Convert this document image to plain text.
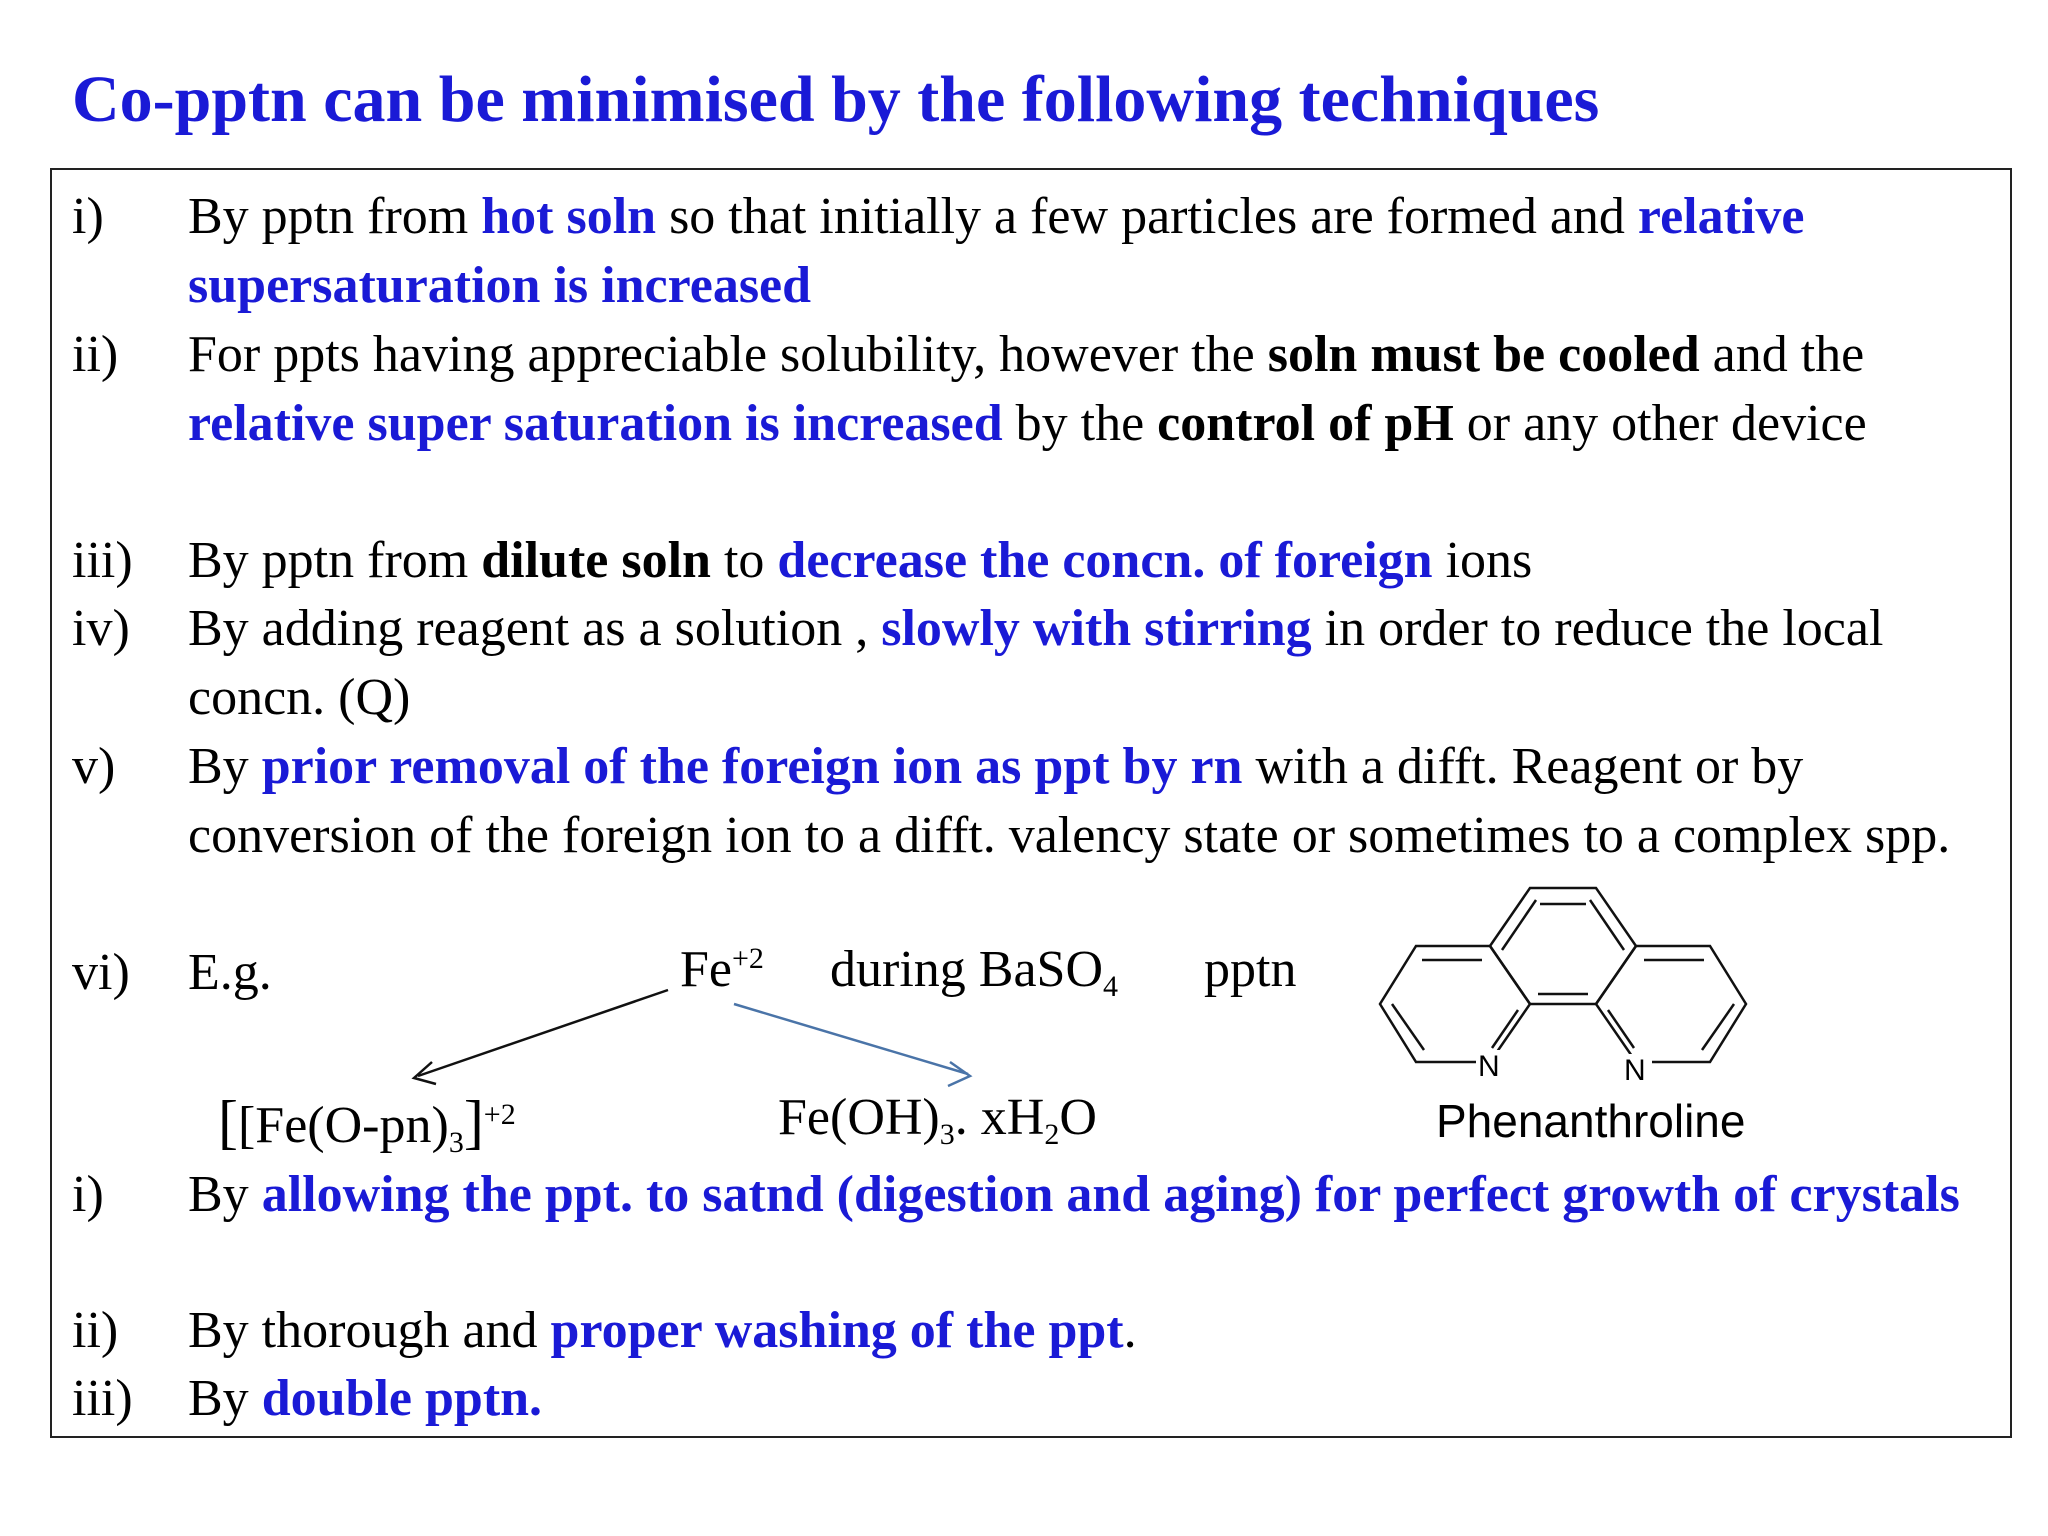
Co-pptn can be minimised by the following techniques
i) By pptn from hot soln so that initially a few particles are formed and relative supersaturation is increased
ii) For ppts having appreciable solubility, however the soln must be cooled and the relative super saturation is increased by the control of pH or any other device
iii) By pptn from dilute soln to decrease the concn. of foreign ions
iv) By adding reagent as a solution , slowly with stirring in order to reduce the local concn. (Q)
v) By prior removal of the foreign ion as ppt by rn with a difft. Reagent or by conversion of the foreign ion to a difft. valency state or sometimes to a complex spp.
vi) E.g.
i) By allowing the ppt. to satnd (digestion and aging) for perfect growth of crystals
ii) By thorough and proper washing of the ppt.
iii) By double pptn.
$Fe^{+2}$ during BaSO$_4$ pptn
[$[Fe(O-pn)_3]^{+2}$	$Fe(OH)_3$. $xH_2O$
N	N
Phenanthroline
